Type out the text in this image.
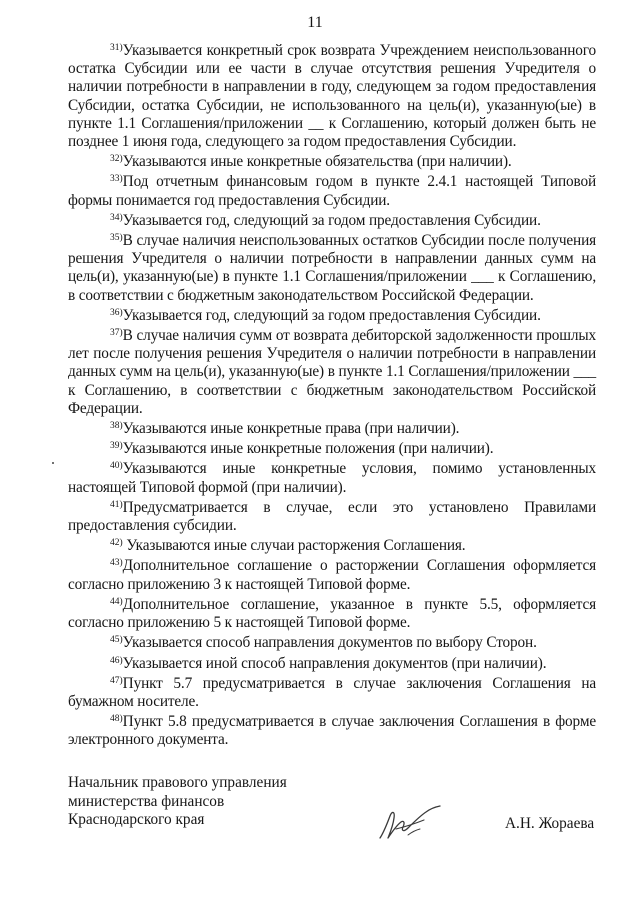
11

$^{31)}$Указывается конкретный срок возврата Учреждением неиспользованного остатка Субсидии или ее части в случае отсутствия решения Учредителя о наличии потребности в направлении в году, следующем за годом предоставления Субсидии, остатка Субсидии, не использованного на цель(и), указанную(ые) в пункте 1.1 Соглашения/приложении __ к Соглашению, который должен быть не позднее 1 июня года, следующего за годом предоставления Субсидии.

$^{32)}$Указываются иные конкретные обязательства (при наличии).

$^{33)}$Под отчетным финансовым годом в пункте 2.4.1 настоящей Типовой формы понимается год предоставления Субсидии.

$^{34)}$Указывается год, следующий за годом предоставления Субсидии.

$^{35)}$В случае наличия неиспользованных остатков Субсидии после получения решения Учредителя о наличии потребности в направлении данных сумм на цель(и), указанную(ые) в пункте 1.1 Соглашения/приложении ___ к Соглашению, в соответствии с бюджетным законодательством Российской Федерации.

$^{36)}$Указывается год, следующий за годом предоставления Субсидии.

$^{37)}$В случае наличия сумм от возврата дебиторской задолженности прошлых лет после получения решения Учредителя о наличии потребности в направлении данных сумм на цель(и), указанную(ые) в пункте 1.1 Соглашения/приложении ___ к Соглашению, в соответствии с бюджетным законодательством Российской Федерации.

$^{38)}$Указываются иные конкретные права (при наличии).

$^{39)}$Указываются иные конкретные положения (при наличии).

$^{40)}$Указываются иные конкретные условия, помимо установленных настоящей Типовой формой (при наличии).

$^{41)}$Предусматривается в случае, если это установлено Правилами предоставления субсидии.

$^{42)}$ Указываются иные случаи расторжения Соглашения.

$^{43)}$Дополнительное соглашение о расторжении Соглашения оформляется согласно приложению 3 к настоящей Типовой форме.

$^{44)}$Дополнительное соглашение, указанное в пункте 5.5, оформляется согласно приложению 5 к настоящей Типовой форме.

$^{45)}$Указывается способ направления документов по выбору Сторон.

$^{46)}$Указывается иной способ направления документов (при наличии).

$^{47)}$Пункт 5.7 предусматривается в случае заключения Соглашения на бумажном носителе.

$^{48)}$Пункт 5.8 предусматривается в случае заключения Соглашения в форме электронного документа.

Начальник правового управления
министерства финансов
Краснодарского края	А.Н. Жораева
